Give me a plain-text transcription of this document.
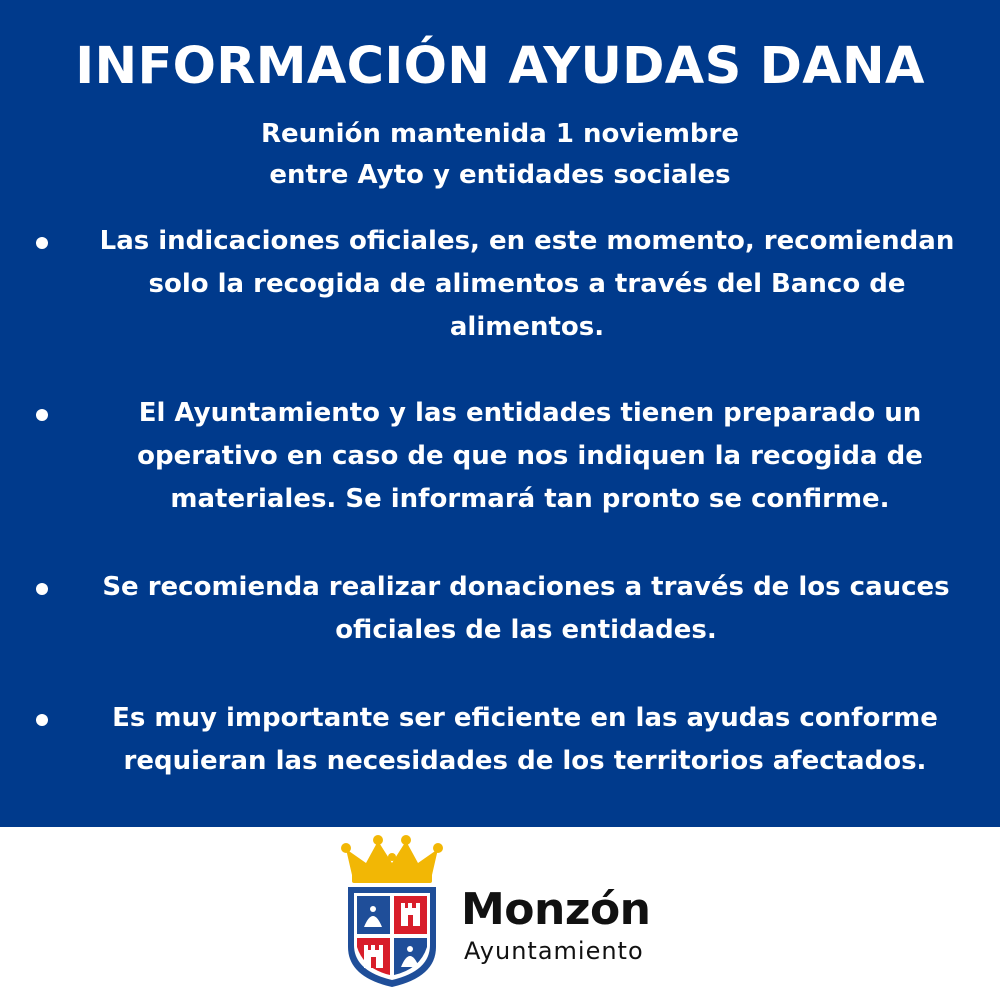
INFORMACIÓN AYUDAS DANA

Reunión mantenida 1 noviembre
entre Ayto y entidades sociales

Las indicaciones oficiales, en este momento, recomiendan solo la recogida de alimentos a través del Banco de alimentos.

El Ayuntamiento y las entidades tienen preparado un operativo en caso de que nos indiquen la recogida de materiales. Se informará tan pronto se confirme.

Se recomienda realizar donaciones a través de los cauces oficiales de las entidades.

Es muy importante ser eficiente en las ayudas conforme requieran las necesidades de los territorios afectados.

Monzón

Ayuntamiento
